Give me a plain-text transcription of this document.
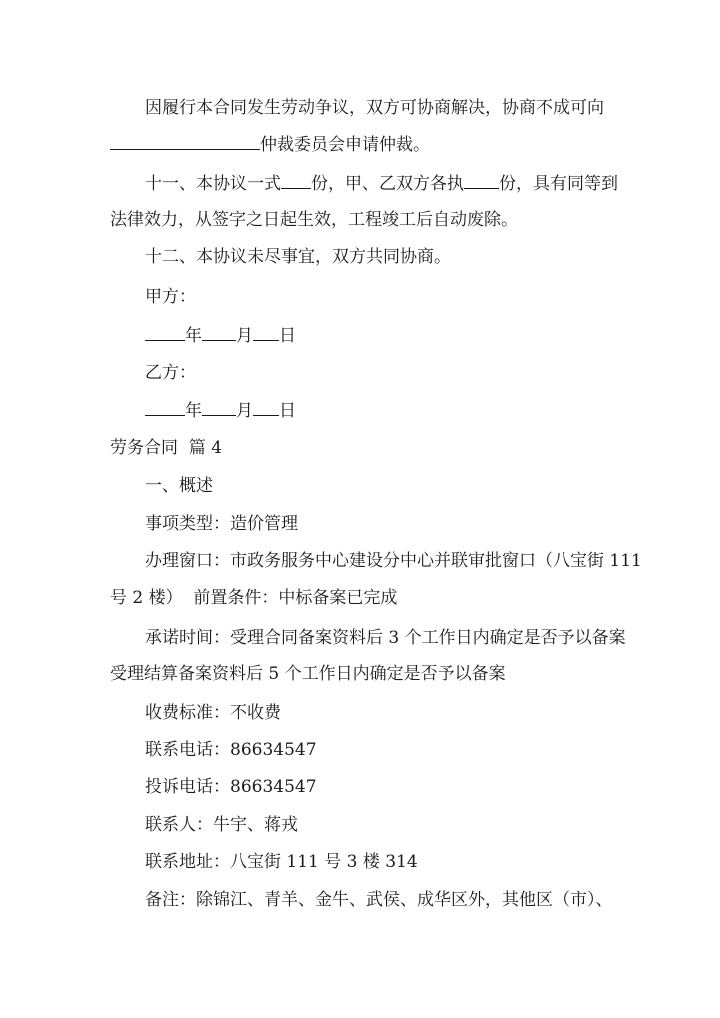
因履行本合同发生劳动争议，双方可协商解决，协商不成可向
仲裁委员会申请仲裁。
十一、本协议一式 份，甲、乙双方各执 份，具有同等到
法律效力，从签字之日起生效，工程竣工后自动废除。
十二、本协议未尽事宜，双方共同协商。
甲方：
年 月 日
乙方：
年 月 日
劳务合同  篇 4
一、概述
事项类型：造价管理
办理窗口：市政务服务中心建设分中心并联审批窗口（八宝街 111
号 2 楼）  前置条件：中标备案已完成
承诺时间：受理合同备案资料后 3 个工作日内确定是否予以备案
受理结算备案资料后 5 个工作日内确定是否予以备案
收费标准：不收费
联系电话：86634547
投诉电话：86634547
联系人：牛宇、蒋戎
联系地址：八宝街 111 号 3 楼 314
备注：除锦江、青羊、金牛、武侯、成华区外，其他区（市）、
